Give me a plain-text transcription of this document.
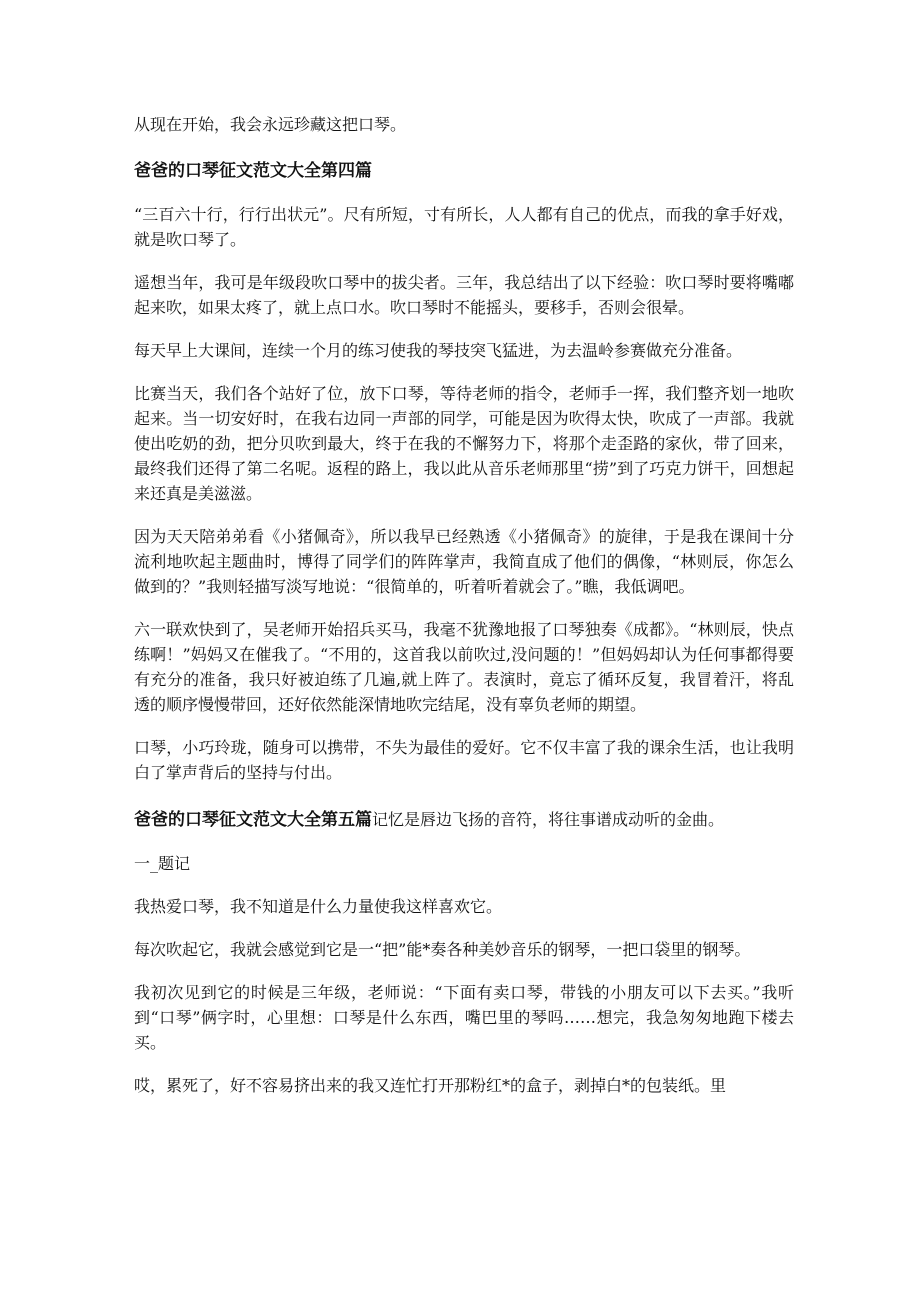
从现在开始，我会永远珍藏这把口琴。

爸爸的口琴征文范文大全第四篇

“三百六十行，行行出状元”。尺有所短，寸有所长，人人都有自己的优点，而我的拿手好戏，就是吹口琴了。

遥想当年，我可是年级段吹口琴中的拔尖者。三年，我总结出了以下经验：吹口琴时要将嘴嘟起来吹，如果太疼了，就上点口水。吹口琴时不能摇头，要移手，否则会很晕。

每天早上大课间，连续一个月的练习使我的琴技突飞猛进，为去温岭参赛做充分准备。

比赛当天，我们各个站好了位，放下口琴，等待老师的指令，老师手一挥，我们整齐划一地吹起来。当一切安好时，在我右边同一声部的同学，可能是因为吹得太快，吹成了一声部。我就使出吃奶的劲，把分贝吹到最大，终于在我的不懈努力下，将那个走歪路的家伙，带了回来，最终我们还得了第二名呢。返程的路上，我以此从音乐老师那里“捞”到了巧克力饼干，回想起来还真是美滋滋。

因为天天陪弟弟看《小猪佩奇》，所以我早已经熟透《小猪佩奇》的旋律，于是我在课间十分流利地吹起主题曲时，博得了同学们的阵阵掌声，我简直成了他们的偶像，“林则辰，你怎么做到的？”我则轻描写淡写地说：“很简单的，听着听着就会了。”瞧，我低调吧。

六一联欢快到了，吴老师开始招兵买马，我毫不犹豫地报了口琴独奏《成都》。“林则辰，快点练啊！”妈妈又在催我了。“不用的，这首我以前吹过,没问题的！”但妈妈却认为任何事都得要有充分的准备，我只好被迫练了几遍,就上阵了。表演时，竟忘了循环反复，我冒着汗，将乱透的顺序慢慢带回，还好依然能深情地吹完结尾，没有辜负老师的期望。

口琴，小巧玲珑，随身可以携带，不失为最佳的爱好。它不仅丰富了我的课余生活，也让我明白了掌声背后的坚持与付出。

爸爸的口琴征文范文大全第五篇记忆是唇边飞扬的音符，将往事谱成动听的金曲。

一_题记

我热爱口琴，我不知道是什么力量使我这样喜欢它。

每次吹起它，我就会感觉到它是一“把”能*奏各种美妙音乐的钢琴，一把口袋里的钢琴。

我初次见到它的时候是三年级，老师说：“下面有卖口琴，带钱的小朋友可以下去买。”我听到“口琴”俩字时，心里想：口琴是什么东西，嘴巴里的琴吗……想完，我急匆匆地跑下楼去买。

哎，累死了，好不容易挤出来的我又连忙打开那粉红*的盒子，剥掉白*的包装纸。里
